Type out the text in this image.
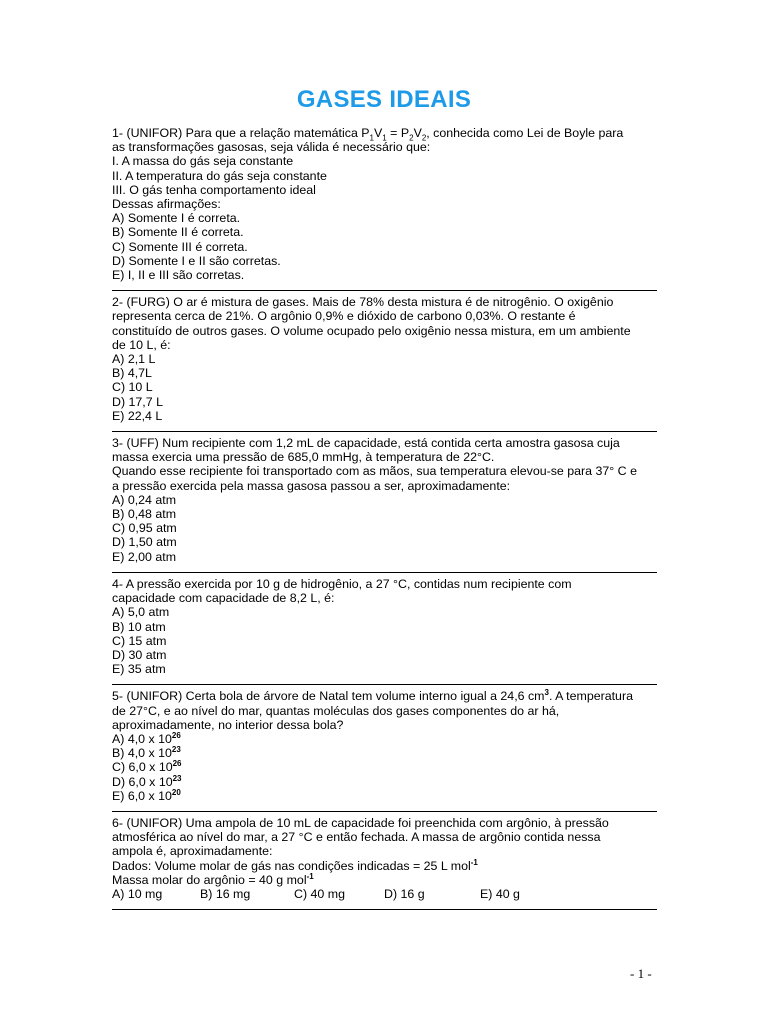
GASES IDEAIS
1- (UNIFOR) Para que a relação matemática $P_1V_1 = P_2V_2$, conhecida como Lei de Boyle para
as transformações gasosas, seja válida é necessário que:
I. A massa do gás seja constante
II. A temperatura do gás seja constante
III. O gás tenha comportamento ideal
Dessas afirmações:
A) Somente I é correta.
B) Somente II é correta.
C) Somente III é correta.
D) Somente I e II são corretas.
E) I, II e III são corretas.
2- (FURG) O ar é mistura de gases. Mais de 78% desta mistura é de nitrogênio. O oxigênio
representa cerca de 21%. O argônio 0,9% e dióxido de carbono 0,03%. O restante é
constituído de outros gases. O volume ocupado pelo oxigênio nessa mistura, em um ambiente
de 10 L, é:
A) 2,1 L
B) 4,7L
C) 10 L
D) 17,7 L
E) 22,4 L
3- (UFF) Num recipiente com 1,2 mL de capacidade, está contida certa amostra gasosa cuja
massa exercia uma pressão de 685,0 mmHg, à temperatura de 22°C.
Quando esse recipiente foi transportado com as mãos, sua temperatura elevou-se para 37° C e
a pressão exercida pela massa gasosa passou a ser, aproximadamente:
A) 0,24 atm
B) 0,48 atm
C) 0,95 atm
D) 1,50 atm
E) 2,00 atm
4- A pressão exercida por 10 g de hidrogênio, a 27 °C, contidas num recipiente com
capacidade com capacidade de 8,2 L, é:
A) 5,0 atm
B) 10 atm
C) 15 atm
D) 30 atm
E) 35 atm
5- (UNIFOR) Certa bola de árvore de Natal tem volume interno igual a 24,6 $cm^3$. A temperatura
de 27°C, e ao nível do mar, quantas moléculas dos gases componentes do ar há,
aproximadamente, no interior dessa bola?
A) 4,0 x $10^{26}$
B) 4,0 x $10^{23}$
C) 6,0 x $10^{26}$
D) 6,0 x $10^{23}$
E) 6,0 x $10^{20}$
6- (UNIFOR) Uma ampola de 10 mL de capacidade foi preenchida com argônio, à pressão
atmosférica ao nível do mar, a 27 °C e então fechada. A massa de argônio contida nessa
ampola é, aproximadamente:
Dados: Volume molar de gás nas condições indicadas = 25 L mol$^{-1}$
Massa molar do argônio = 40 g mol$^{-1}$
A) 10 mg	B) 16 mg	C) 40 mg	D) 16 g	E) 40 g
- 1 -
